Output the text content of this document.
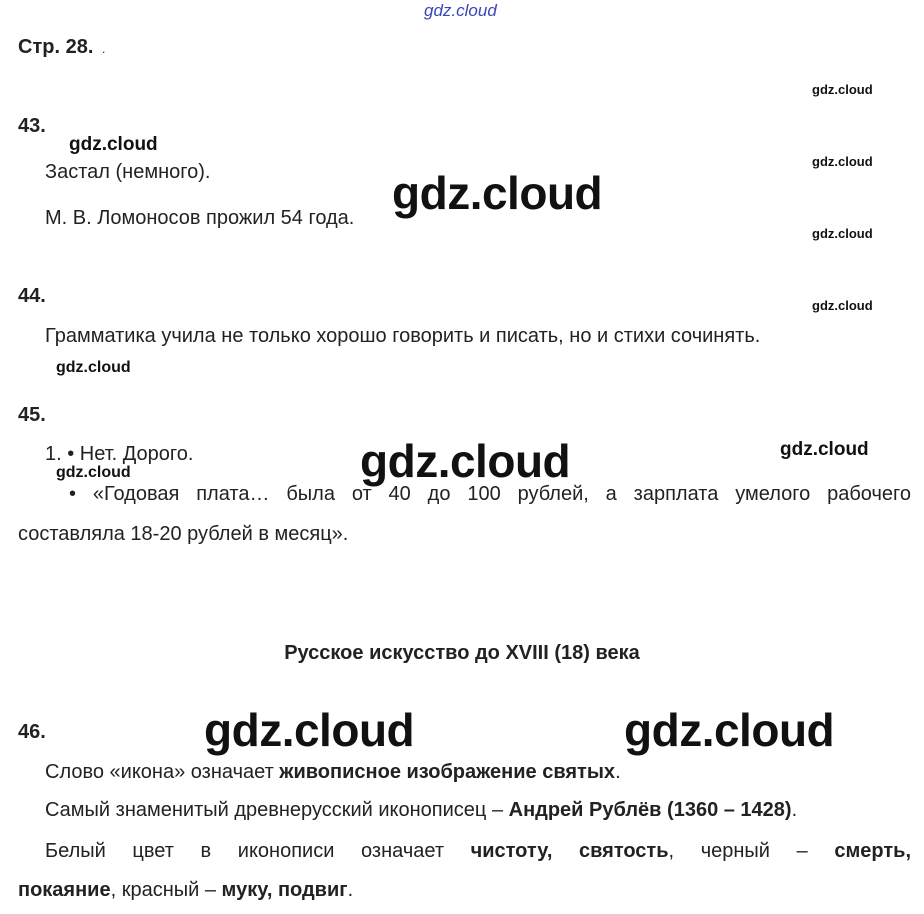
gdz.cloud
gdz.cloud
gdz.cloud
gdz.cloud
gdz.cloud
gdz.cloud
gdz.cloud
gdz.cloud
gdz.cloud
gdz.cloud
gdz.cloud
gdz.cloud	gdz.cloud
Стр. 28. .
43.
Застал (немного).
М. В. Ломоносов прожил 54 года.
44.
Грамматика учила не только хорошо говорить и писать, но и стихи сочинять.
45.
1. • Нет. Дорого.
• «Годовая плата… была от 40 до 100 рублей, а зарплата умелого рабочего
составляла 18-20 рублей в месяц».
Русское искусство до XVIII (18) века
46.
Слово «икона» означает живописное изображение святых.
Самый знаменитый древнерусский иконописец – Андрей Рублёв (1360 – 1428).
Белый цвет в иконописи означает чистоту, святость, черный – смерть,
покаяние, красный – муку, подвиг.
